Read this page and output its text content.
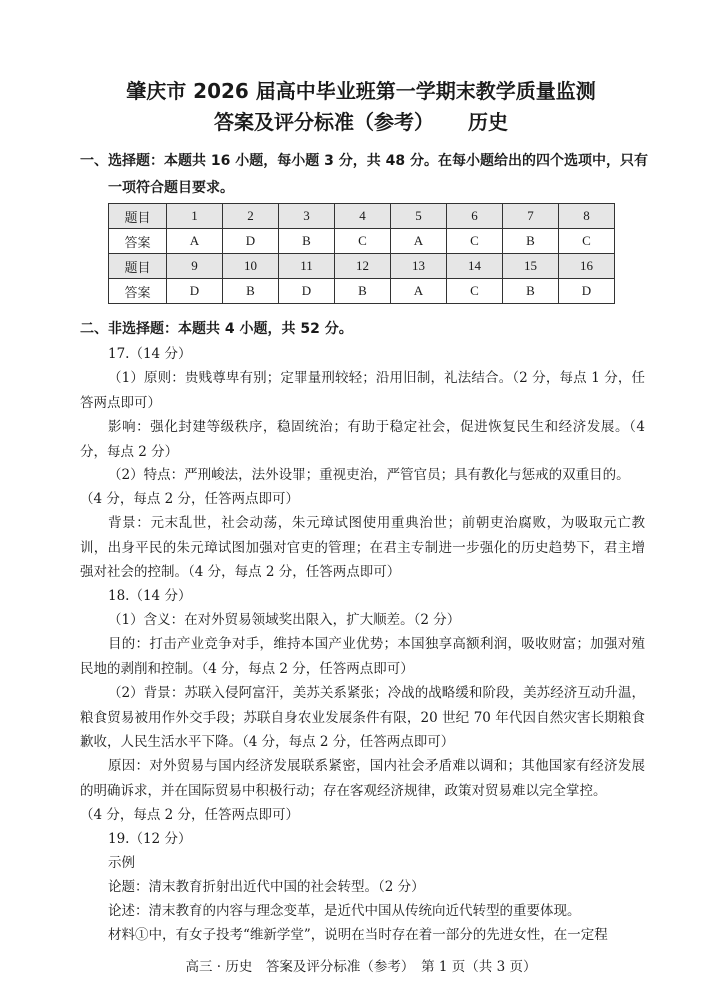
肇庆市 2026 届高中毕业班第一学期末教学质量监测
答案及评分标准（参考） 历史
一、选择题：本题共 16 小题，每小题 3 分，共 48 分。在每小题给出的四个选项中，只有
一项符合题目要求。
题目	1	2	3	4	5	6	7	8
答案	A	D	B	C	A	C	B	C
题目	9	10	11	12	13	14	15	16
答案	D	B	D	B	A	C	B	D
二、非选择题：本题共 4 小题，共 52 分。
17.（14 分）
（1）原则：贵贱尊卑有别；定罪量刑较轻；沿用旧制，礼法结合。（2 分，每点 1 分，任答两点即可）
影响：强化封建等级秩序，稳固统治；有助于稳定社会，促进恢复民生和经济发展。（4 分，每点 2 分）
（2）特点：严刑峻法，法外设罪；重视吏治，严管官员；具有教化与惩戒的双重目的。
（4 分，每点 2 分，任答两点即可）
背景：元末乱世，社会动荡，朱元璋试图使用重典治世；前朝吏治腐败，为吸取元亡教训，出身平民的朱元璋试图加强对官吏的管理；在君主专制进一步强化的历史趋势下，君主增强对社会的控制。（4 分，每点 2 分，任答两点即可）
18.（14 分）
（1）含义：在对外贸易领域奖出限入，扩大顺差。（2 分）
目的：打击产业竞争对手，维持本国产业优势；本国独享高额利润，吸收财富；加强对殖民地的剥削和控制。（4 分，每点 2 分，任答两点即可）
（2）背景：苏联入侵阿富汗，美苏关系紧张；冷战的战略缓和阶段，美苏经济互动升温，粮食贸易被用作外交手段；苏联自身农业发展条件有限，20 世纪 70 年代因自然灾害长期粮食歉收，人民生活水平下降。（4 分，每点 2 分，任答两点即可）
原因：对外贸易与国内经济发展联系紧密，国内社会矛盾难以调和；其他国家有经济发展的明确诉求，并在国际贸易中积极行动；存在客观经济规律，政策对贸易难以完全掌控。
（4 分，每点 2 分，任答两点即可）
19.（12 分）
示例
论题：清末教育折射出近代中国的社会转型。（2 分）
论述：清末教育的内容与理念变革，是近代中国从传统向近代转型的重要体现。
材料①中，有女子投考“维新学堂”，说明在当时存在着一部分的先进女性，在一定程
高三 · 历史　答案及评分标准（参考）　第 1 页（共 3 页）
